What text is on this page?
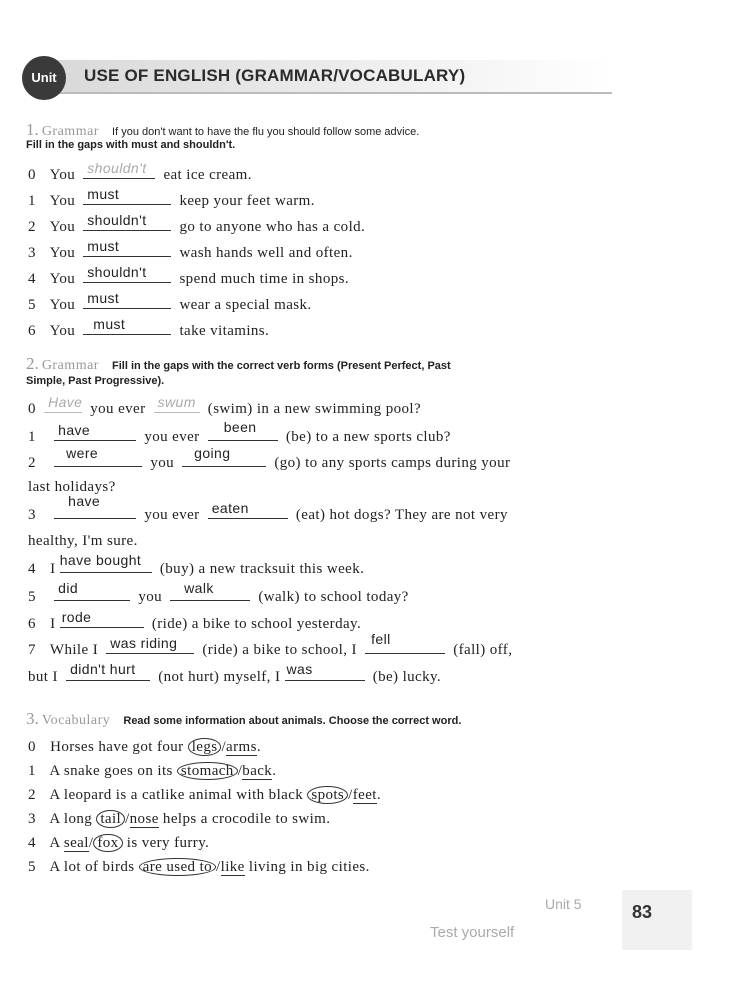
Unit	USE OF ENGLISH (GRAMMAR/VOCABULARY)
1. Grammar If you don't want to have the flu you should follow some advice.
Fill in the gaps with must and shouldn't.
0 You shouldn't eat ice cream.
1 You must	keep your feet warm.
2 You shouldn't go to anyone who has a cold.
3 You must	wash hands well and often.
4 You shouldn't spend much time in shops.
5 You must	wear a special mask.
6 You must	take vitamins.
2. Grammar Fill in the gaps with the correct verb forms (Present Perfect, Past
Simple, Past Progressive).
0 Have you ever swum (swim) in a new swimming pool?
1 have	you ever
been
(be) to a new sports club?
2
were
you
going
(go) to any sports camps during your
last holidays?
3
have
you ever eaten	(eat) hot dogs? They are not very
healthy, I'm sure.
4 I
have bought
(buy) a new tracksuit this week.
5
did
you
walk
(walk) to school today?
6 I rode	(ride) a bike to school yesterday.
7 While I was riding (ride) a bike to school, I
fell
(fall) off,
but I didn't hurt (not hurt) myself, I was	(be) lucky.
3. Vocabulary Read some information about animals. Choose the correct word.
0 Horses have got four legs /arms.
1 A snake goes on its stomach /back.
2 A leopard is a catlike animal with black spots /feet.
3 A long tail /nose helps a crocodile to swim.
4 A seal/ fox is very furry.
5 A lot of birds are used to /like living in big cities.
Unit 5	83
Test yourself
